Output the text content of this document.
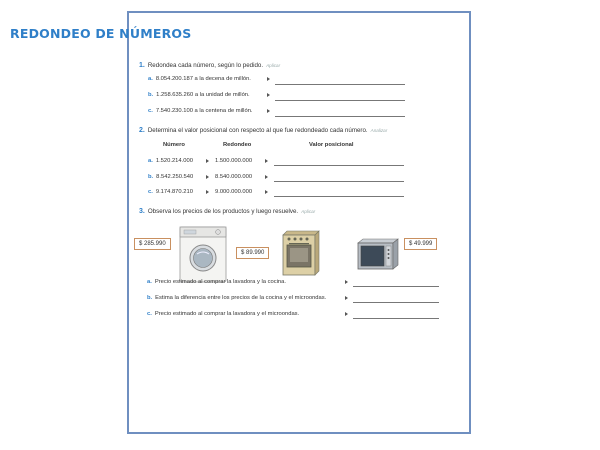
REDONDEO DE NÚMEROS
1. Redondea cada número, según lo pedido. Aplicar
a. 8.054.200.187 a la decena de millón.
b. 1.258.635.260 a la unidad de millón.
c. 7.540.230.100 a la centena de millón.
2. Determina el valor posicional con respecto al que fue redondeado cada número. Analizar
Número	Redondeo	Valor posicional
a. 1.520.214.000	1.500.000.000
b. 8.542.250.540	8.540.000.000
c. 9.174.870.210	9.000.000.000
3. Observa los precios de los productos y luego resuelve. Aplicar
$ 285.990
$ 89.990
$ 49.999
a. Precio estimado al comprar la lavadora y la cocina.
b. Estima la diferencia entre los precios de la cocina y el microondas.
c. Precio estimado al comprar la lavadora y el microondas.
